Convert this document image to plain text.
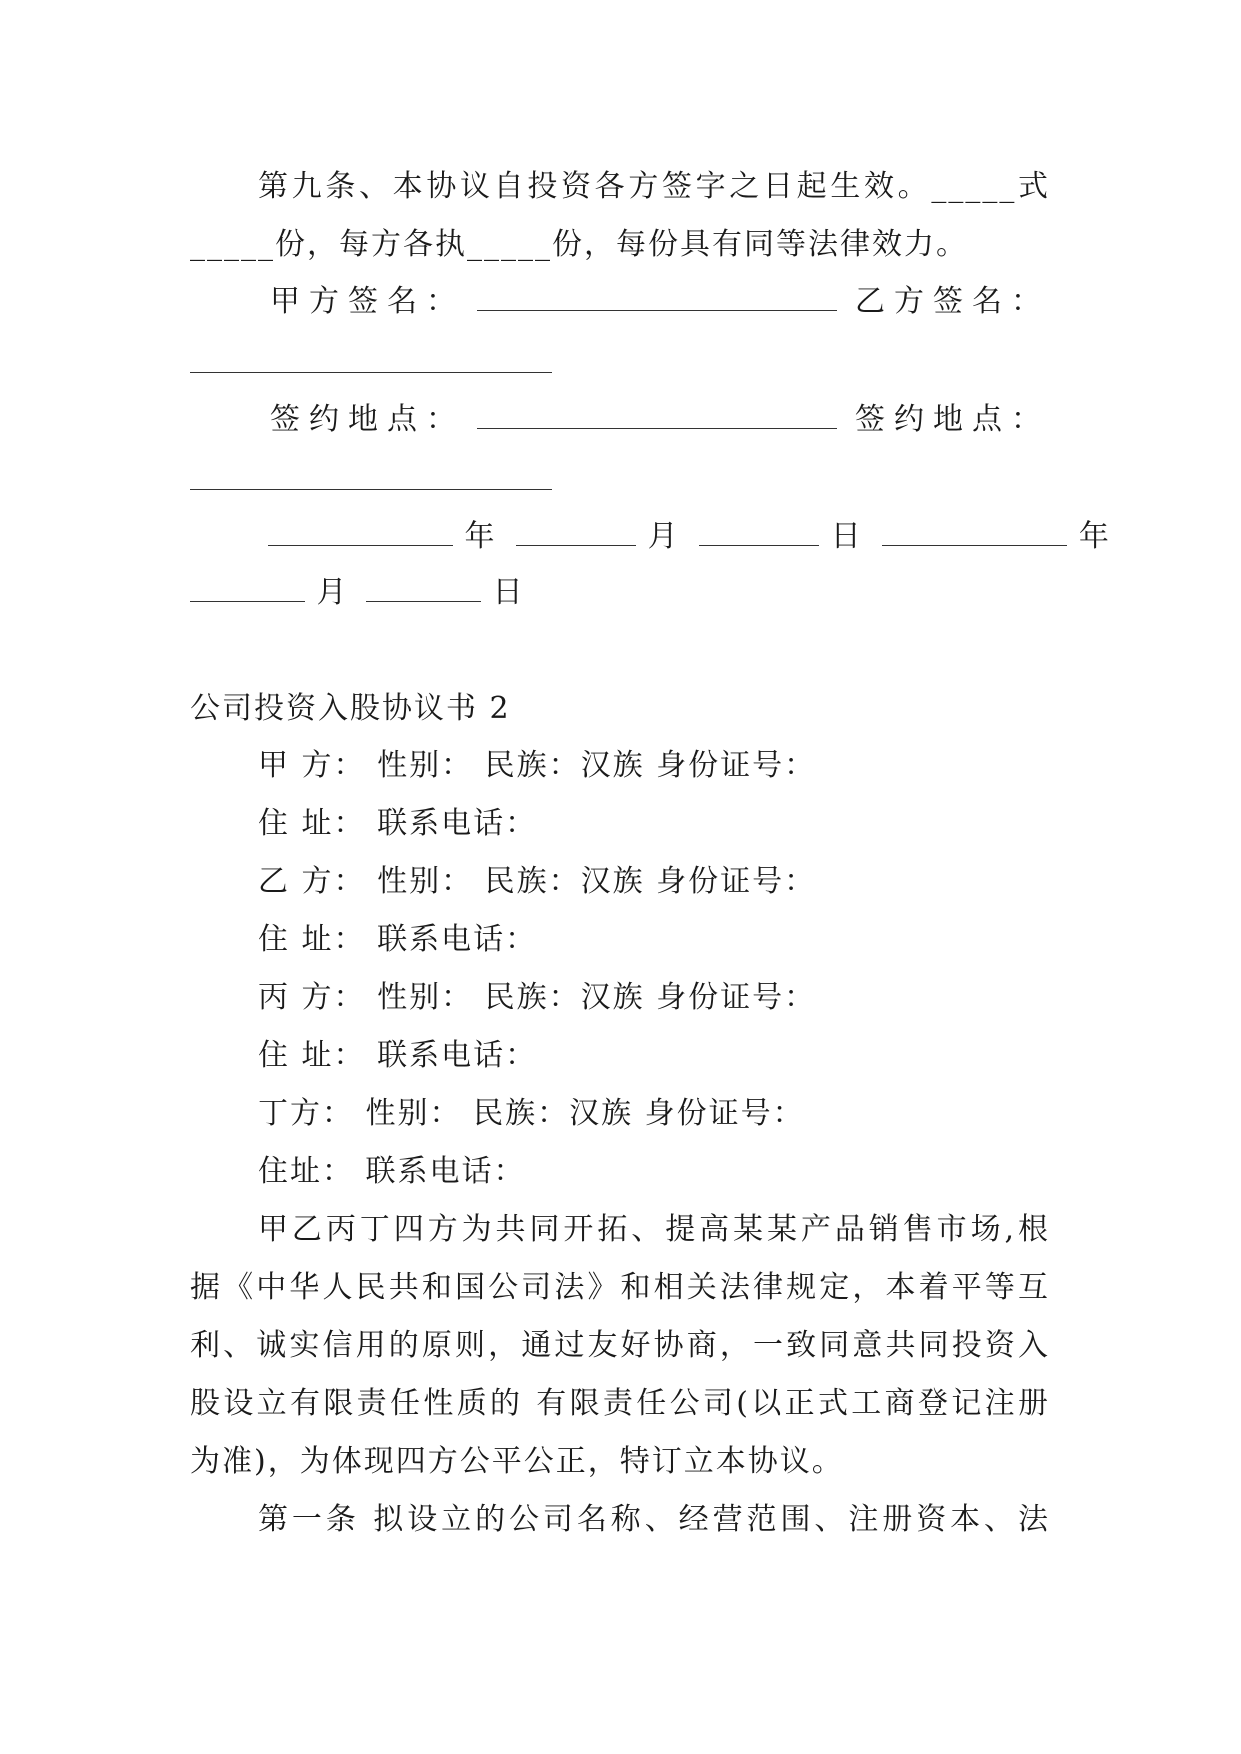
第九条、本协议自投资各方签字之日起生效。_____式
_____份，每方各执_____份，每份具有同等法律效力。
甲方签名：	乙方签名：
签约地点：	签约地点：
年	月	日	年
月	日
公司投资入股协议书 2
甲 方： 性别： 民族：汉族 身份证号：
住 址： 联系电话：
乙 方： 性别： 民族：汉族 身份证号：
住 址： 联系电话：
丙 方： 性别： 民族：汉族 身份证号：
住 址： 联系电话：
丁方： 性别： 民族：汉族 身份证号：
住址： 联系电话：
甲乙丙丁四方为共同开拓、提高某某产品销售市场,根
据《中华人民共和国公司法》和相关法律规定，本着平等互
利、诚实信用的原则，通过友好协商，一致同意共同投资入
股设立有限责任性质的 有限责任公司(以正式工商登记注册
为准)，为体现四方公平公正，特订立本协议。
第一条 拟设立的公司名称、经营范围、注册资本、法
